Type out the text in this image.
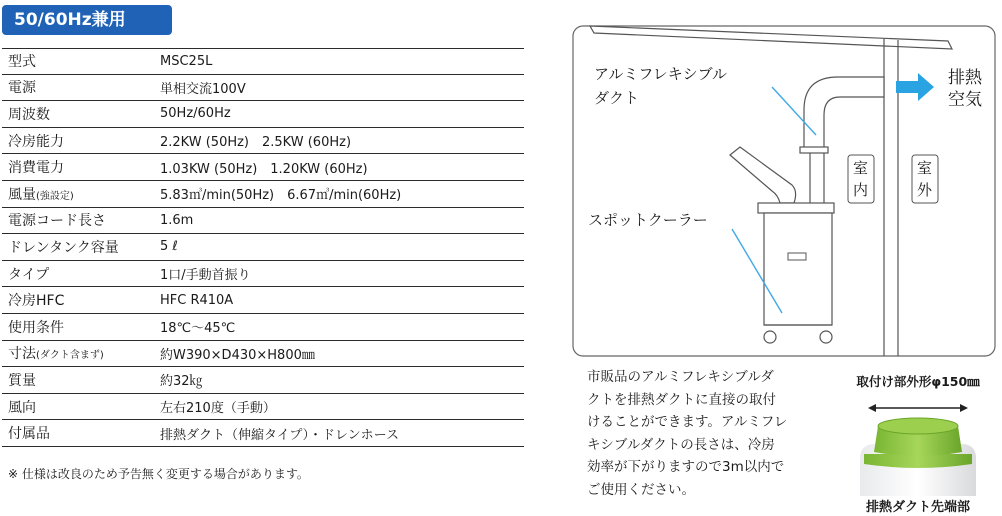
50/60Hz兼用
型式	MSC25L
電源	単相交流100V
周波数	50Hz/60Hz
冷房能力	2.2KW (50Hz)　2.5KW (60Hz)
消費電力	1.03KW (50Hz)　1.20KW (60Hz)
風量(強設定)	5.83㎥/min(50Hz)　6.67㎥/min(60Hz)
電源コード長さ	1.6m
ドレンタンク容量	5 ℓ
タイプ	1口/手動首振り
冷房HFC	HFC R410A
使用条件	18℃～45℃
寸法(ダクト含まず)	約W390×D430×H800㎜
質量	約32㎏
風向	左右210度（手動）
付属品	排熱ダクト（伸縮タイプ）・ドレンホース
※ 仕様は改良のため予告無く変更する場合があります。
アルミフレキシブル
ダクト
排熱
空気
室
内
室
外
スポットクーラー
市販品のアルミフレキシブルダ
クトを排熱ダクトに直接の取付
けることができます。アルミフレ
キシブルダクトの長さは、冷房
効率が下がりますので3m以内で
ご使用ください。
取付け部外形φ150㎜
排熱ダクト先端部
